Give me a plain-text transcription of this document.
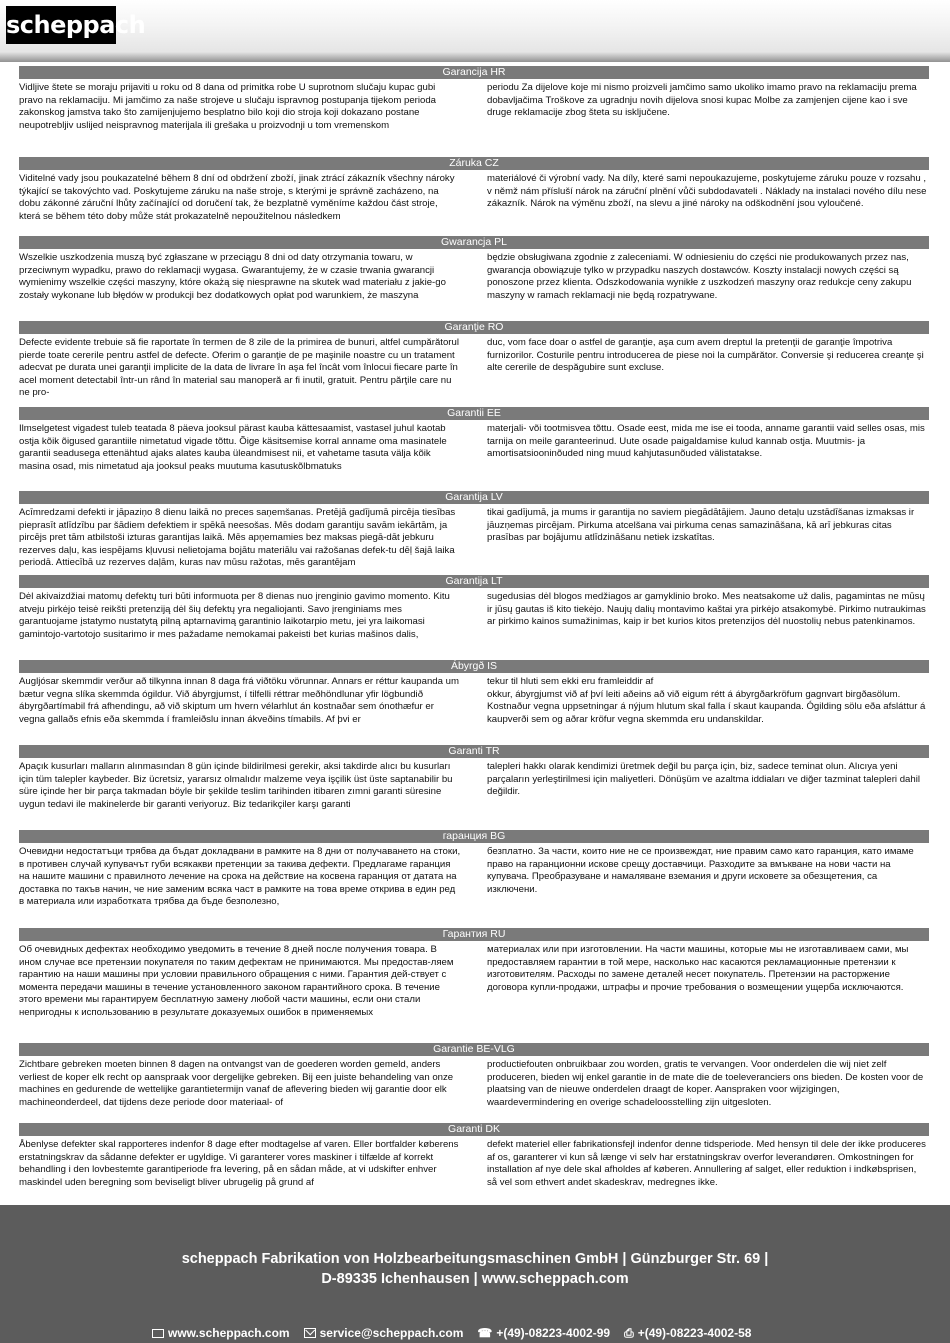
scheppach
Garancija HR
Vidljive štete se moraju prijaviti u roku od 8 dana od primitka robe U suprotnom slučaju kupac gubi pravo na reklamaciju. Mi jamčimo za naše strojeve u slučaju ispravnog postupanja tijekom perioda zakonskog jamstva tako što zamijenjujemo besplatno bilo koji dio stroja koji dokazano postane neupotrebljiv uslijed neispravnog materijala ili grešaka u proizvodnji u tom vremenskom
periodu Za dijelove koje mi nismo proizveli jamčimo samo ukoliko imamo pravo na reklamaciju prema dobavljačima Troškove za ugradnju novih dijelova snosi kupac Molbe za zamjenjen cijene kao i sve druge reklamacije zbog šteta su isključene.
Záruka CZ
Viditelné vady jsou poukazatelné během 8 dní od obdržení zboží, jinak ztrácí zákazník všechny nároky týkající se takovýchto vad. Poskytujeme záruku na naše stroje, s kterými je správně zacházeno, na dobu zákonné záruční lhůty začínající od doručení tak, že bezplatně vyměníme každou část stroje, která se během této doby může stát prokazatelně nepoužitelnou následkem
materiálové či výrobní vady. Na díly, které sami nepoukazujeme, poskytujeme záruku pouze v rozsahu , v němž nám přísluší nárok na záruční plnění vůči subdodavateli . Náklady na instalaci nového dílu nese zákazník. Nárok na výměnu zboží, na slevu a jiné nároky na odškodnění jsou vyloučené.
Gwarancja PL
Wszelkie uszkodzenia muszą być zgłaszane w przeciągu 8 dni od daty otrzymania towaru, w przeciwnym wypadku, prawo do reklamacji wygasa. Gwarantujemy, że w czasie trwania gwarancji wymienimy wszelkie części maszyny, które okażą się niesprawne na skutek wad materiału z jakie-go zostały wykonane lub błędów w produkcji bez dodatkowych opłat pod warunkiem, że maszyna
będzie obsługiwana zgodnie z zaleceniami. W odniesieniu do części nie produkowanych przez nas, gwarancja obowiązuje tylko w przypadku naszych dostawców. Koszty instalacji nowych części są ponoszone przez klienta. Odszkodowania wynikłe z uszkodzeń maszyny oraz redukcje ceny zakupu maszyny w ramach reklamacji nie będą rozpatrywane.
Garanţie RO
Defecte evidente trebuie să fie raportate în termen de 8 zile de la primirea de bunuri, altfel cumpărătorul pierde toate cererile pentru astfel de defecte. Oferim o garanţie de pe maşinile noastre cu un tratament adecvat pe durata unei garanţii implicite de la data de livrare în aşa fel încât vom înlocui fiecare parte în acel moment detectabil într-un rând în material sau manoperă ar fi inutil, gratuit. Pentru părţile care nu ne pro-
duc, vom face doar o astfel de garanţie, aşa cum avem dreptul la pretenţii de garanţie împotriva furnizorilor. Costurile pentru introducerea de piese noi la cumpărător. Conversie şi reducerea creanţe şi alte cererile de despăgubire sunt excluse.
Garantii EE
Ilmselgetest vigadest tuleb teatada 8 päeva jooksul pärast kauba kättesaamist, vastasel juhul kaotab ostja kõik õigused garantiile nimetatud vigade tõttu. Õige käsitsemise korral anname oma masinatele garantii seadusega ettenähtud ajaks alates kauba üleandmisest nii, et vahetame tasuta välja kõik masina osad, mis nimetatud aja jooksul peaks muutuma kasutuskõlbmatuks
materjali- või tootmisvea tõttu. Osade eest, mida me ise ei tooda, anname garantii vaid selles osas, mis tarnija on meile garanteerinud. Uute osade paigaldamise kulud kannab ostja. Muutmis- ja amortisatsiooninõuded ning muud kahjutasunõuded välistatakse.
Garantija LV
Acīmredzami defekti ir jāpaziņo 8 dienu laikā no preces saņemšanas. Pretējā gadījumā pircēja tiesības pieprasīt atlīdzību par šādiem defektiem ir spēkā neesošas. Mēs dodam garantiju savām iekārtām, ja pircējs pret tām atbilstoši izturas garantijas laikā. Mēs apņemamies bez maksas piegā-dāt jebkuru rezerves daļu, kas iespējams kļuvusi nelietojama bojātu materiālu vai ražošanas defek-tu dēļ šajā laika periodā. Attiecībā uz rezerves daļām, kuras nav mūsu ražotas, mēs garantējam
tikai gadījumā, ja mums ir garantija no saviem piegādātājiem. Jauno detaļu uzstādīšanas izmaksas ir jāuzņemas pircējam. Pirkuma atcelšana vai pirkuma cenas samazināšana, kā arī jebkuras citas prasības par bojājumu atlīdzināšanu netiek izskatītas.
Garantija LT
Dėl akivaizdžiai matomų defektų turi būti informuota per 8 dienas nuo įrenginio gavimo momento. Kitu atveju pirkėjo teisė reikšti pretenziją dėl šių defektų yra negaliojanti. Savo įrenginiams mes garantuojame įstatymo nustatytą pilną aptarnavimą garantinio laikotarpio metu, jei yra laikomasi gamintojo-vartotojo susitarimo ir mes pažadame nemokamai pakeisti bet kurias mašinos dalis,
sugedusias dėl blogos medžiagos ar gamyklinio broko. Mes neatsakome už dalis, pagamintas ne mūsų ir jūsų gautas iš kito tiekėjo. Naujų dalių montavimo kaštai yra pirkėjo atsakomybė. Pirkimo nutraukimas ar pirkimo kainos sumažinimas, kaip ir bet kurios kitos pretenzijos dėl nuostolių nebus patenkinamos.
Ábyrgð IS
Augljósar skemmdir verður að tilkynna innan 8 daga frá viðtöku vörunnar. Annars er réttur kaupanda um bætur vegna slíka skemmda ógildur. Við ábyrgjumst, í tilfelli réttrar meðhöndlunar yfir lögbundið ábyrgðartímabil frá afhendingu, að við skiptum um hvern vélarhlut án kostnaðar sem ónothæfur er vegna gallaðs efnis eða skemmda í framleiðslu innan ákveðins tímabils. Af þvi er
tekur til hluti sem ekki eru framleiddir af
okkur, ábyrgjumst við af því leiti aðeins að við eigum rétt á ábyrgðarkröfum gagnvart birgðasölum. Kostnaður vegna uppsetningar á nýjum hlutum skal falla í skaut kaupanda. Ógilding sölu eða afsláttur á kaupverði sem og aðrar kröfur vegna skemmda eru undanskildar.
Garanti TR
Apaçık kusurları malların alınmasından 8 gün içinde bildirilmesi gerekir, aksi takdirde alıcı bu kusurları için tüm talepler kaybeder. Biz ücretsiz, yararsız olmalıdır malzeme veya işçilik üst üste saptanabilir bu süre içinde her bir parça takmadan böyle bir şekilde teslim tarihinden itibaren zımni garanti süresine uygun tedavi ile makinelerde bir garanti veriyoruz. Biz tedarikçiler karşı garanti
talepleri hakkı olarak kendimizi üretmek değil bu parça için, biz, sadece teminat olun. Alıcıya yeni parçaların yerleştirilmesi için maliyetleri. Dönüşüm ve azaltma iddiaları ve diğer tazminat talepleri dahil değildir.
гаранция BG
Очевидни недостатъци трябва да бъдат докладвани в рамките на 8 дни от получаването на стоки, в противен случай купувачът губи всякакви претенции за такива дефекти. Предлагаме гаранция на нашите машини с правилното лечение на срока на действие на косвена гаранция от датата на доставка по такъв начин, че ние заменим всяка част в рамките на това време открива в един ред в материала или изработката трябва да бъде безполезно,
безплатно. За части, които ние не се произвеждат, ние правим само като гаранция, като имаме право на гаранционни искове срещу доставчици. Разходите за вмъкване на нови части на купувача. Преобразуване и намаляване вземания и други исковете за обезщетения, са изключени.
Гарантия RU
Об очевидных дефектах необходимо уведомить в течение 8 дней после получения товара. В ином случае все претензии покупателя по таким дефектам не принимаются. Мы предостав-ляем гарантию на наши машины при условии правильного обращения с ними. Гарантия дей-ствует с момента передачи машины в течение установленного законом гарантийного срока. В течение этого времени мы гарантируем бесплатную замену любой части машины, если они стали непригодны к использованию в результате доказуемых ошибок в применяемых
материалах или при изготовлении. На части машины, которые мы не изготавливаем сами, мы предоставляем гарантии в той мере, насколько нас касаются рекламационные претензии к изготовителям. Расходы по замене деталей несет покупатель. Претензии на расторжение договора купли-продажи, штрафы и прочие требования о возмещении ущерба исключаются.
Garantie BE-VLG
Zichtbare gebreken moeten binnen 8 dagen na ontvangst van de goederen worden gemeld, anders verliest de koper elk recht op aanspraak voor dergelijke gebreken. Bij een juiste behandeling van onze machines en gedurende de wettelijke garantietermijn vanaf de aflevering bieden wij garantie door elk machineonderdeel, dat tijdens deze periode door materiaal- of
productiefouten onbruikbaar zou worden, gratis te vervangen. Voor onderdelen die wij niet zelf produceren, bieden wij enkel garantie in de mate die de toeleveranciers ons bieden. De kosten voor de plaatsing van de nieuwe onderdelen draagt de koper. Aanspraken voor wijzigingen, waardevermindering en overige schadeloosstelling zijn uitgesloten.
Garanti DK
Åbenlyse defekter skal rapporteres indenfor 8 dage efter modtagelse af varen. Eller bortfalder køberens erstatningskrav da sådanne defekter er ugyldige. Vi garanterer vores maskiner i tilfælde af korrekt behandling i den lovbestemte garantiperiode fra levering, på en sådan måde, at vi udskifter enhver maskindel uden beregning som beviseligt bliver ubrugelig på grund af
defekt materiel eller fabrikationsfejl indenfor denne tidsperiode. Med hensyn til dele der ikke produceres af os, garanterer vi kun så længe vi selv har erstatningskrav overfor leverandøren. Omkostningen for installation af nye dele skal afholdes af køberen. Annullering af salget, eller reduktion i indkøbsprisen, så vel som ethvert andet skadeskrav, medregnes ikke.
scheppach Fabrikation von Holzbearbeitungsmaschinen GmbH | Günzburger Str. 69 |
D-89335 Ichenhausen | www.scheppach.com
www.scheppach.com	service@scheppach.com ☎ +(49)-08223-4002-99 ⎙ +(49)-08223-4002-58
